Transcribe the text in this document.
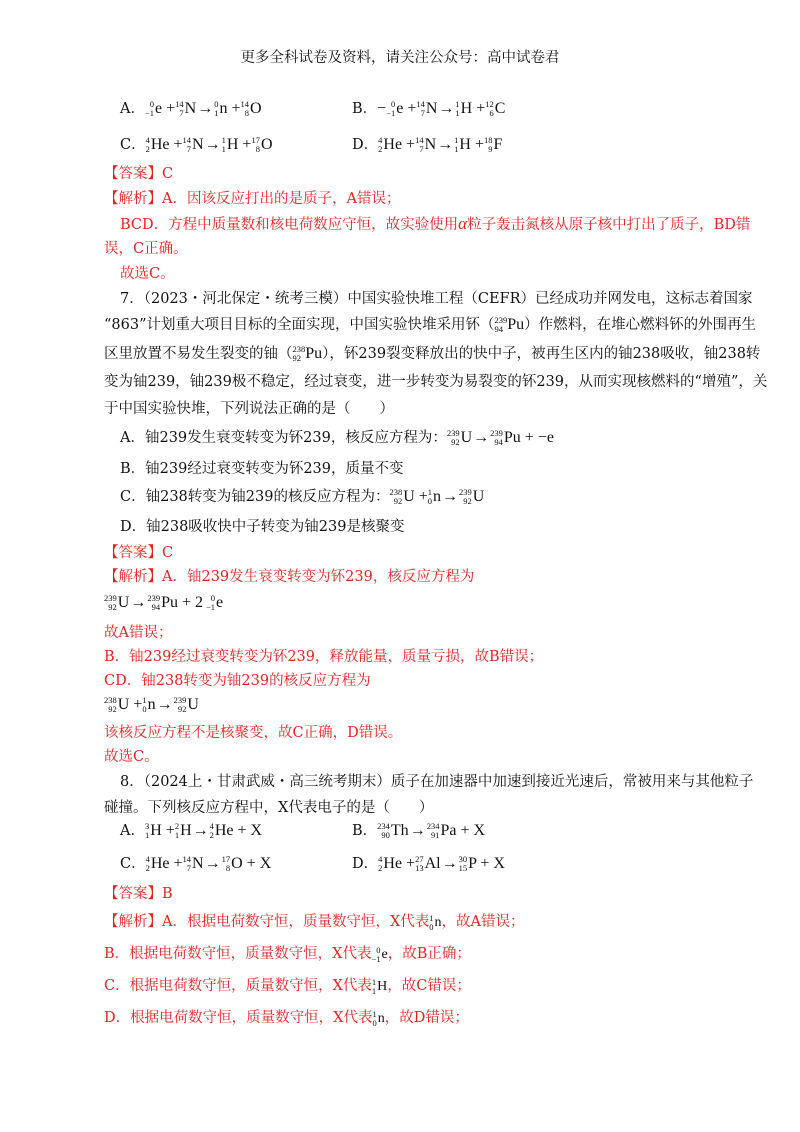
更多全科试卷及资料，请关注公众号：高中试卷君
A． 0
−1 e + 14
7 N→ 0
1 n + 14
8 O	B．− 0
−1 e + 14
7 N→ 1
1 H + 12
6 C
C． 4
2 He + 14
7 N→ 1
1 H + 17
8 O	D． 4
2 He + 14
7 N→ 1
1 H + 18
9 F
【答案】C
【解析】A．因该反应打出的是质子，A错误；
BCD．方程中质量数和核电荷数应守恒，故实验使用α粒子轰击氮核从原子核中打出了质子，BD错
误，C正确。
故选C。
7．（2023・河北保定・统考三模）中国实验快堆工程（CEFR）已经成功并网发电，这标志着国家
“863”计划重大项目目标的全面实现，中国实验快堆采用钚（ 239
94 Pu）作燃料，在堆心燃料钚的外围再生
区里放置不易发生裂变的铀（ 238
92 Pu），钚239裂变释放出的快中子，被再生区内的铀238吸收，铀238转
变为铀239，铀239极不稳定，经过衰变，进一步转变为易裂变的钚239，从而实现核燃料的“增殖”，关
于中国实验快堆，下列说法正确的是（　　）
A．铀239发生衰变转变为钚239，核反应方程为： 239
92 U→ 239
94 Pu + −e
B．铀239经过衰变转变为钚239，质量不变
C．铀238转变为铀239的核反应方程为： 238
92 U + 1
0 n→ 239
92 U
D．铀238吸收快中子转变为铀239是核聚变
【答案】C
【解析】A．铀239发生衰变转变为钚239，核反应方程为
239
92 U→ 239
94 Pu + 2 0
−1 e
故A错误；
B．铀239经过衰变转变为钚239，释放能量，质量亏损，故B错误；
CD．铀238转变为铀239的核反应方程为
238
92 U + 1
0 n→ 239
92 U
该核反应方程不是核聚变，故C正确，D错误。
故选C。
8．（2024上・甘肃武威・高三统考期末）质子在加速器中加速到接近光速后，常被用来与其他粒子
碰撞。下列核反应方程中，X代表电子的是（　　）
A． 3
1 H + 2
1 H→ 4
2 He + X	B． 234
90 Th→ 234
91 Pa + X
C． 4
2 He + 14
7 N→ 17
8 O + X	D． 4
2 He + 27
13 Al→ 30
15 P + X
【答案】B
【解析】A．根据电荷数守恒，质量数守恒，X代表 1
0 n，故A错误；
B．根据电荷数守恒，质量数守恒，X代表 0
−1 e，故B正确；
C．根据电荷数守恒，质量数守恒，X代表 1
1 H，故C错误；
D．根据电荷数守恒，质量数守恒，X代表 1
0 n，故D错误；
